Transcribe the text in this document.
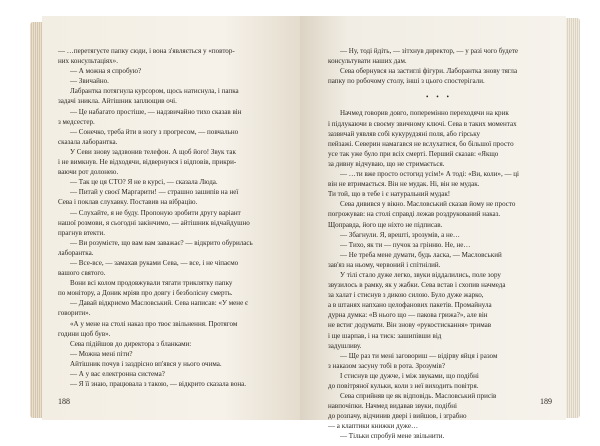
— …перетягуєте папку сюди, і вона з'являється у «повтор-
них консультаціях».
— А можна я спробую?
— Звичайно.
Лабрантка потягнула курсором, щось натиснула, і папка
задачі зникла. Айтішник заплющив очі.
— Це набагато простіше, — надзвичайно тихо сказав він
з медсестер.
— Сонечко, треба йти в ногу з прогресом, — повчально
сказала лаборантка.
У Севи знову задзвонив телефон. А щоб його! Звук так
і не вимкнув. Не відходячи, відвернувся і відповів, прикри-
ваючи рот долонею.
— Так це ця СТО? Я не в курсі, — сказала Люда.
— Питай у своєї Маргарити! — страшно зашипів на неї
Сева і поклав слухавку. Поставив на вібрацію.
— Слухайте, я не буду. Пропоную зробити другу варіант
нашої розмови, я сьогодні закінчимо, — айтішник відчайдушно
прагнув втекти.
— Ви розумієте, що вам вам заважає? — відкрито обурилась
лаборантка.
— Все-все, — замахав руками Сева, — все, і не чіпаємо
вашого святого.
Вони всі колом продовжували тягати триклятку папку
по монітору, а Доник мріяв про довгу і безболісну смерть.
— Давай відкриємо Масловський. Сева написав: «У мене є
говорити».
«А у мене на столі наказ про твоє звільнення. Протягом
години щоб був».
Сева підійшов до директора з бланками:
— Можна мені піти?
Айтішник почув і заздрісно вп'явся у нього очима.
— А у вас електронна система?
— Я її знаю, працювала з такою, — відкрито сказала вона.
188
— Ну, тоді йдіть, — зітхнув директор, — у разі чого будете
консультувати наших дам.
Сева обернувся на застиглі фігури. Лаборантка знову тягла
папку по робочому столу, інші з цього спостерігали.
• • •
Начмед говорив довго, поперемінно переходячи на крик
і підлукаючи в своєму звичному ключі. Сева в таких моментах
зазвичай уявляв собі кукурудзяні поля, або гірську
пейзажі. Северин намагався не вслухатися, бо більшої просто
усе так уже було при всіх смерті. Перший сказав: «Якщо
за дивну відчуваю, що не стримається.
— …ти вже просто остогид усім!» А тоді: «Ви, коли», — ці
він не втримається. Він не мудак. Ні, він не мудак.
Ти той, що в тебе і є натуральний мудак!
Сева дивився у вікно. Масловський сказав йому не просто
погрожував: на столі справді лежав роздрукований наказ.
Щоправда, його ще ніхто не підписав.
— Збагнули. Я, врешті, зрозумів, а не…
— Тихо, як ти — пучок за грінню. Не, не…
— Не треба мене думати, будь ласка, — Масловський
зав'яз на ньому, червоний і спітнілий.
У тілі стало дуже легко, звуки віддалились, поле зору
звузилось в рамку, як у жабки. Сева встав і схопив начмеда
за халат і стиснув з дикою силою. Було дуже жарко,
а в штанях напхано целофанових пакетів. Промайнула
дурна думка: «В нього що — пакова грижа?», але він
не встиг додумати. Він знову «рукостискання» тримав
і ще шарпав, і на тиск: зашипівши від
задушливу.
— Ще раз ти мені заговориш — відірву яйця і разом
з наказом засуну тобі в рота. Зрозумів?
І стиснув ще дужче, і між звуками, що подібні
до повітряної кульки, коли з неї виходить повітря.
Сева сприйняв це як відповідь. Масловський присів
навпочіпки. Начмед видавав звуки, подібні
до розпачу, відчинив двері і вийшов, і зграбно
— а клаптики книжки дуже…
— Тільки спробуй мене звільнити.
189
